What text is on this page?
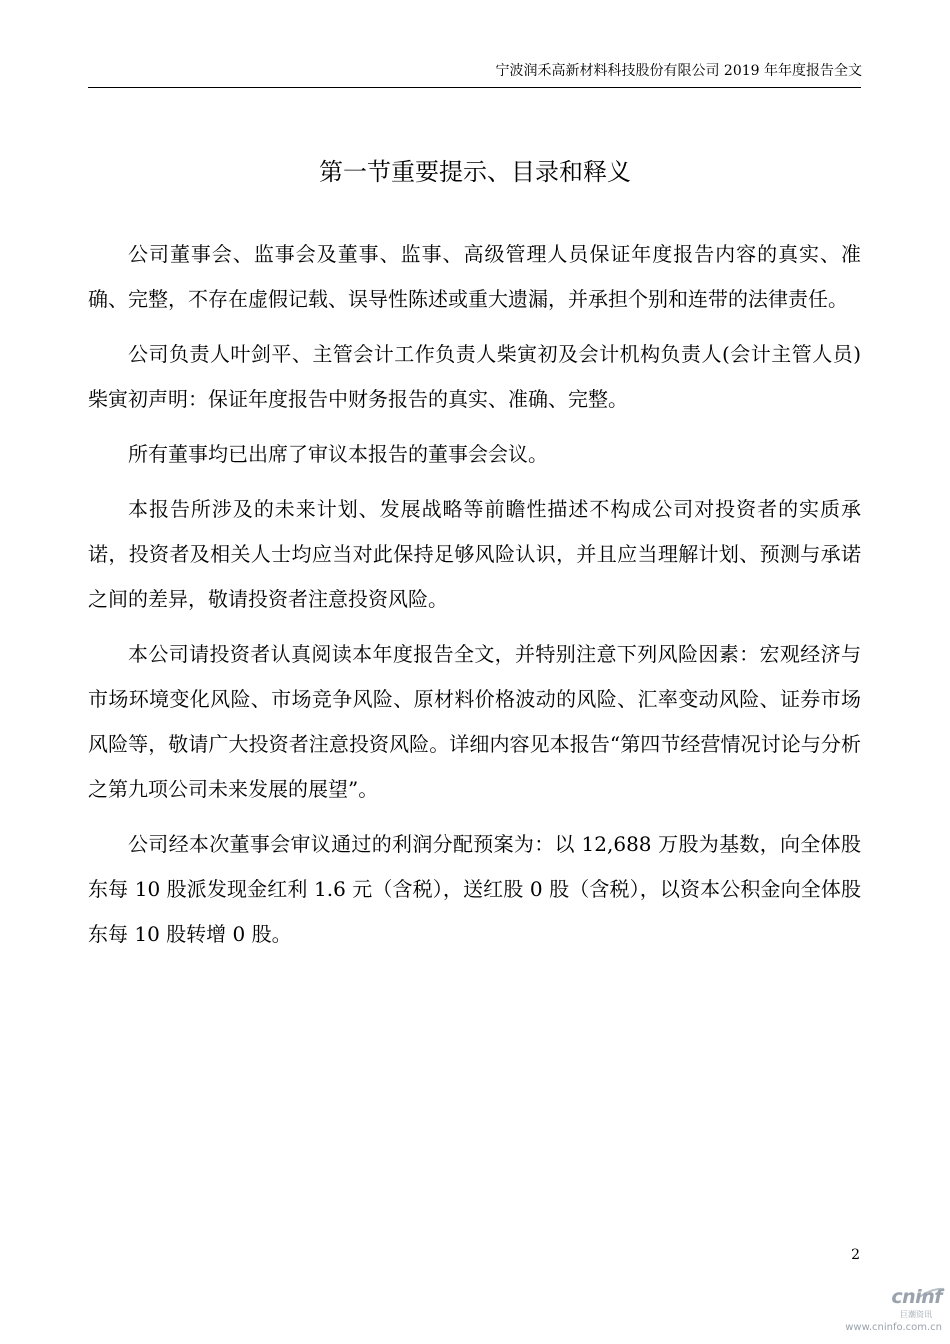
宁波润禾高新材料科技股份有限公司 2019 年年度报告全文
第一节重要提示、目录和释义

公司董事会、监事会及董事、监事、高级管理人员保证年度报告内容的真实、准确、完整，不存在虚假记载、误导性陈述或重大遗漏，并承担个别和连带的法律责任。

公司负责人叶剑平、主管会计工作负责人柴寅初及会计机构负责人(会计主管人员)柴寅初声明：保证年度报告中财务报告的真实、准确、完整。

所有董事均已出席了审议本报告的董事会会议。

本报告所涉及的未来计划、发展战略等前瞻性描述不构成公司对投资者的实质承诺，投资者及相关人士均应当对此保持足够风险认识，并且应当理解计划、预测与承诺之间的差异，敬请投资者注意投资风险。

本公司请投资者认真阅读本年度报告全文，并特别注意下列风险因素：宏观经济与市场环境变化风险、市场竞争风险、原材料价格波动的风险、汇率变动风险、证券市场风险等，敬请广大投资者注意投资风险。详细内容见本报告“第四节经营情况讨论与分析之第九项公司未来发展的展望”。

公司经本次董事会审议通过的利润分配预案为：以 12,688 万股为基数，向全体股东每 10 股派发现金红利 1.6 元（含税），送红股 0 股（含税），以资本公积金向全体股东每 10 股转增 0 股。

2
cninf
巨潮资讯
www.cninfo.com.cn
